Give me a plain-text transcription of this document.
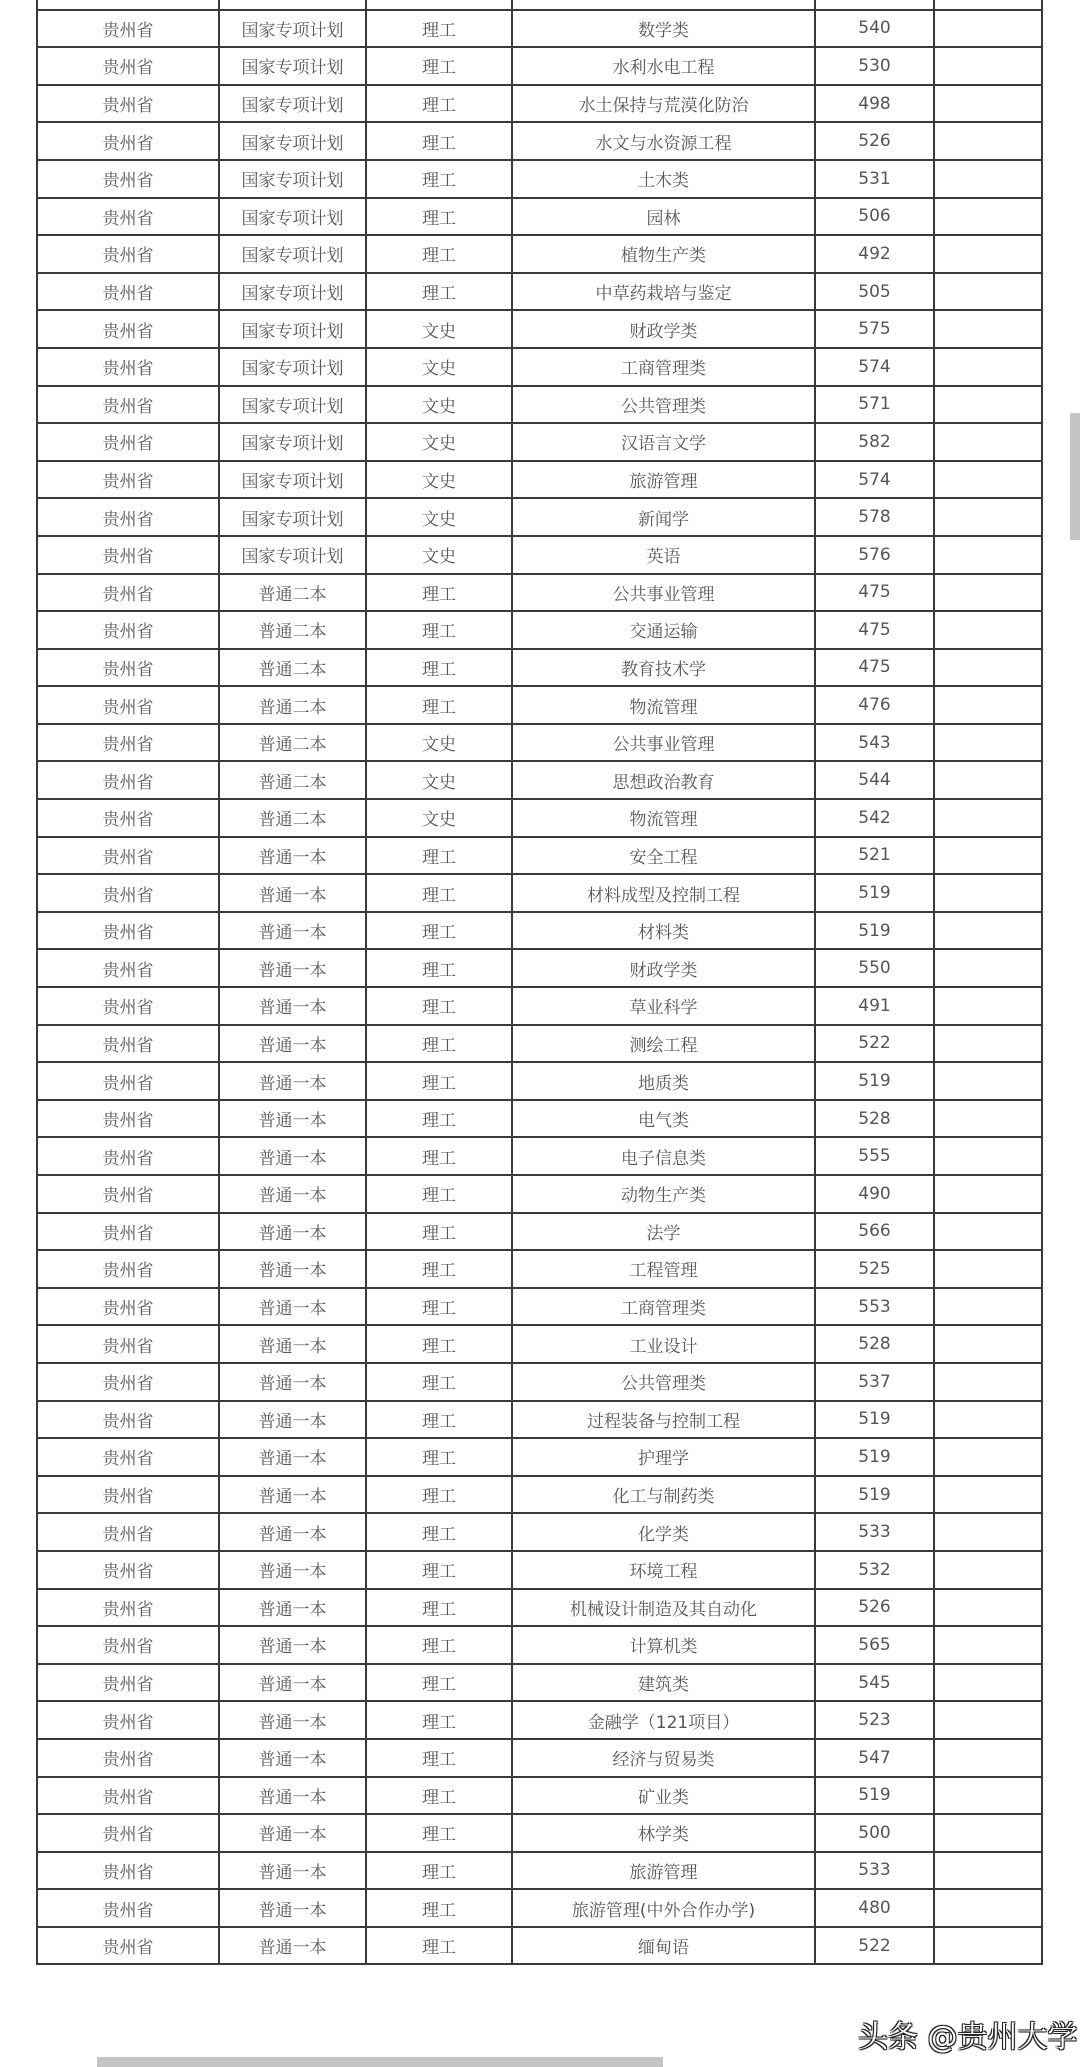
贵州省	国家专项计划	理工	数学类	540	
贵州省	国家专项计划	理工	水利水电工程	530	
贵州省	国家专项计划	理工	水土保持与荒漠化防治	498	
贵州省	国家专项计划	理工	水文与水资源工程	526	
贵州省	国家专项计划	理工	土木类	531	
贵州省	国家专项计划	理工	园林	506	
贵州省	国家专项计划	理工	植物生产类	492	
贵州省	国家专项计划	理工	中草药栽培与鉴定	505	
贵州省	国家专项计划	文史	财政学类	575	
贵州省	国家专项计划	文史	工商管理类	574	
贵州省	国家专项计划	文史	公共管理类	571	
贵州省	国家专项计划	文史	汉语言文学	582	
贵州省	国家专项计划	文史	旅游管理	574	
贵州省	国家专项计划	文史	新闻学	578	
贵州省	国家专项计划	文史	英语	576	
贵州省	普通二本	理工	公共事业管理	475	
贵州省	普通二本	理工	交通运输	475	
贵州省	普通二本	理工	教育技术学	475	
贵州省	普通二本	理工	物流管理	476	
贵州省	普通二本	文史	公共事业管理	543	
贵州省	普通二本	文史	思想政治教育	544	
贵州省	普通二本	文史	物流管理	542	
贵州省	普通一本	理工	安全工程	521	
贵州省	普通一本	理工	材料成型及控制工程	519	
贵州省	普通一本	理工	材料类	519	
贵州省	普通一本	理工	财政学类	550	
贵州省	普通一本	理工	草业科学	491	
贵州省	普通一本	理工	测绘工程	522	
贵州省	普通一本	理工	地质类	519	
贵州省	普通一本	理工	电气类	528	
贵州省	普通一本	理工	电子信息类	555	
贵州省	普通一本	理工	动物生产类	490	
贵州省	普通一本	理工	法学	566	
贵州省	普通一本	理工	工程管理	525	
贵州省	普通一本	理工	工商管理类	553	
贵州省	普通一本	理工	工业设计	528	
贵州省	普通一本	理工	公共管理类	537	
贵州省	普通一本	理工	过程装备与控制工程	519	
贵州省	普通一本	理工	护理学	519	
贵州省	普通一本	理工	化工与制药类	519	
贵州省	普通一本	理工	化学类	533	
贵州省	普通一本	理工	环境工程	532	
贵州省	普通一本	理工	机械设计制造及其自动化	526	
贵州省	普通一本	理工	计算机类	565	
贵州省	普通一本	理工	建筑类	545	
贵州省	普通一本	理工	金融学（121项目）	523	
贵州省	普通一本	理工	经济与贸易类	547	
贵州省	普通一本	理工	矿业类	519	
贵州省	普通一本	理工	林学类	500	
贵州省	普通一本	理工	旅游管理	533	
贵州省	普通一本	理工	旅游管理(中外合作办学)	480	
贵州省	普通一本	理工	缅甸语	522	
头条 @贵州大学
